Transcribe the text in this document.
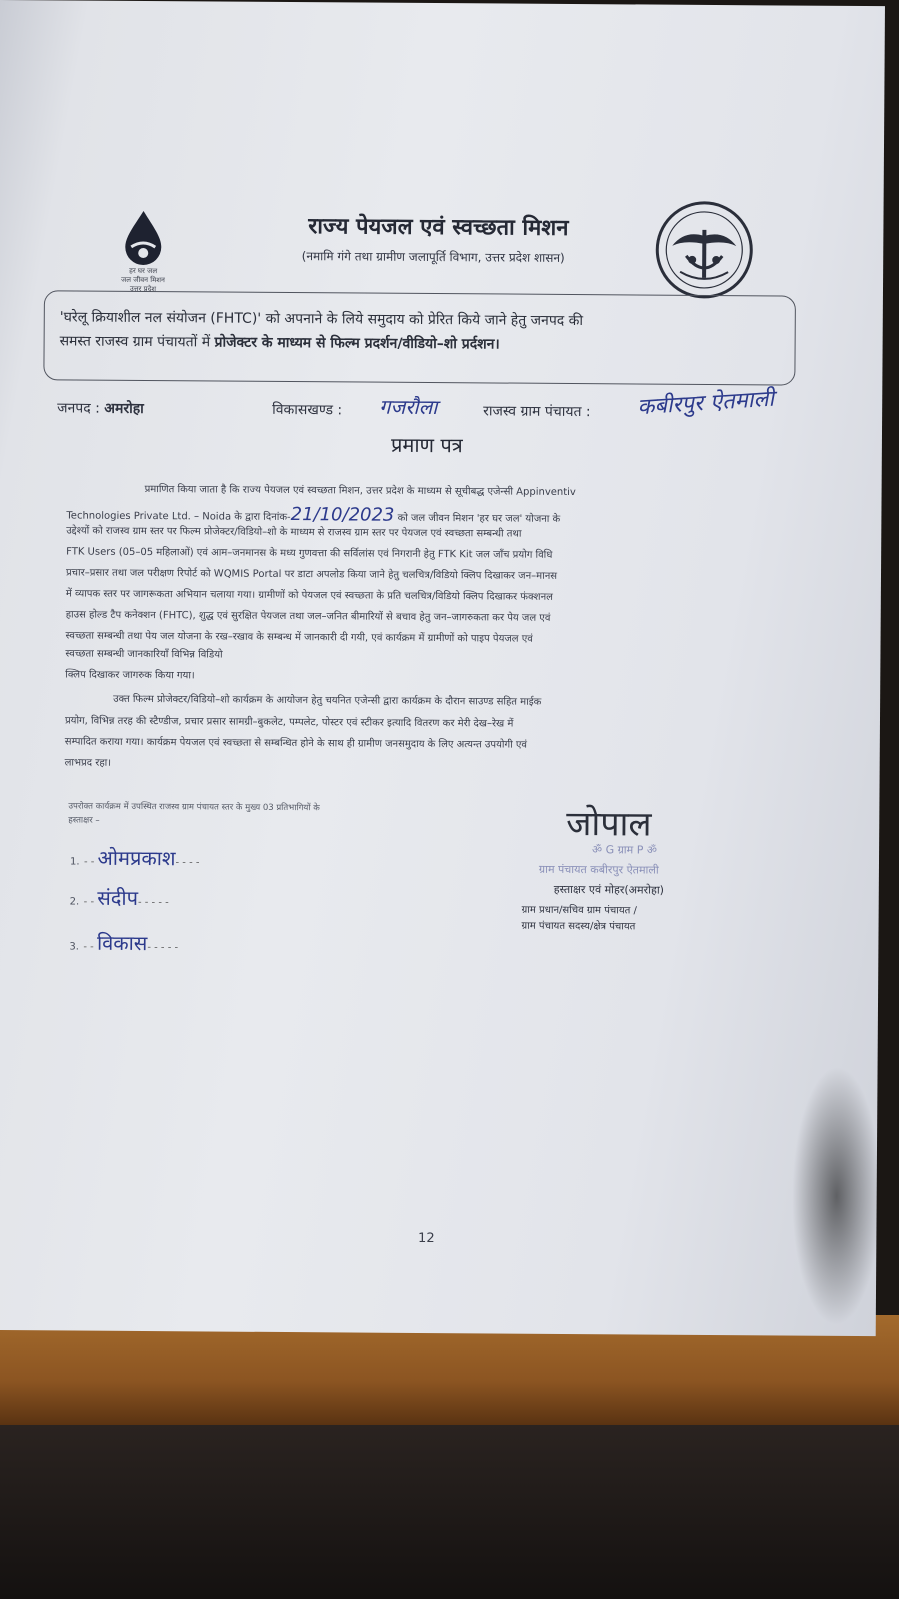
हर घर जल
जल जीवन मिशन
उत्तर प्रदेश
राज्य पेयजल एवं स्वच्छता मिशन
(नमामि गंगे तथा ग्रामीण जलापूर्ति विभाग, उत्तर प्रदेश शासन)
'घरेलू क्रियाशील नल संयोजन (FHTC)' को अपनाने के लिये समुदाय को प्रेरित किये जाने हेतु जनपद की
समस्त राजस्व ग्राम पंचायतों में प्रोजेक्टर के माध्यम से फिल्म प्रदर्शन/वीडियो–शो प्रर्दशन।
जनपद : अमरोहा	विकासखण्ड : गजरौला	राजस्व ग्राम पंचायत : कबीरपुर ऐतमाली
प्रमाण पत्र
प्रमाणित किया जाता है कि राज्य पेयजल एवं स्वच्छता मिशन, उत्तर प्रदेश के माध्यम से सूचीबद्ध एजेन्सी Appinventiv
Technologies Private Ltd. – Noida के द्वारा दिनांक-21/10/2023 को जल जीवन मिशन 'हर घर जल' योजना के
उद्देश्यों को राजस्व ग्राम स्तर पर फिल्म प्रोजेक्टर/विडियो–शो के माध्यम से राजस्व ग्राम स्तर पर पेयजल एवं स्वच्छता सम्बन्धी तथा
FTK Users (05–05 महिलाओं) एवं आम–जनमानस के मध्य गुणवत्ता की सर्विलांस एवं निगरानी हेतु FTK Kit जल जाँच प्रयोग विधि
प्रचार–प्रसार तथा जल परीक्षण रिपोर्ट को WQMIS Portal पर डाटा अपलोड किया जाने हेतु चलचित्र/विडियो क्लिप दिखाकर जन–मानस
में व्यापक स्तर पर जागरूकता अभियान चलाया गया। ग्रामीणों को पेयजल एवं स्वच्छता के प्रति चलचित्र/विडियो क्लिप दिखाकर फंक्शनल
हाउस होल्ड टैप कनेक्शन (FHTC), शुद्ध एवं सुरक्षित पेयजल तथा जल–जनित बीमारियों से बचाव हेतु जन–जागरुकता कर पेय जल एवं
स्वच्छता सम्बन्धी तथा पेय जल योजना के रख–रखाव के सम्बन्ध में जानकारी दी गयी, एवं कार्यक्रम में ग्रामीणों को पाइप पेयजल एवं
स्वच्छता सम्बन्धी जानकारियाँ विभिन्न विडियो
क्लिप दिखाकर जागरुक किया गया।
उक्त फिल्म प्रोजेक्टर/विडियो–शो कार्यक्रम के आयोजन हेतु चयनित एजेन्सी द्वारा कार्यक्रम के दौरान साउण्ड सहित माईक
प्रयोग, विभिन्न तरह की स्टैण्डीज, प्रचार प्रसार सामग्री–बुकलेट, पम्पलेट, पोस्टर एवं स्टीकर इत्यादि वितरण कर मेरी देख–रेख में
सम्पादित कराया गया। कार्यक्रम पेयजल एवं स्वच्छता से सम्बन्धित होने के साथ ही ग्रामीण जनसमुदाय के लिए अत्यन्त उपयोगी एवं
लाभप्रद रहा।
उपरोक्त कार्यक्रम में उपस्थित राजस्व ग्राम पंचायत स्तर के मुख्य 03 प्रतिभागियों के
हस्ताक्षर –
1. - - ओमप्रकाश- - - -
2. - - संदीप- - - - -
3. - - विकास- - - - -
जोपाल
ॐ G ग्राम P ॐ
ग्राम पंचायत कबीरपुर ऐतमाली
हस्ताक्षर एवं मोहर(अमरोहा)
ग्राम प्रधान/सचिव ग्राम पंचायत /
ग्राम पंचायत सदस्य/क्षेत्र पंचायत
12
